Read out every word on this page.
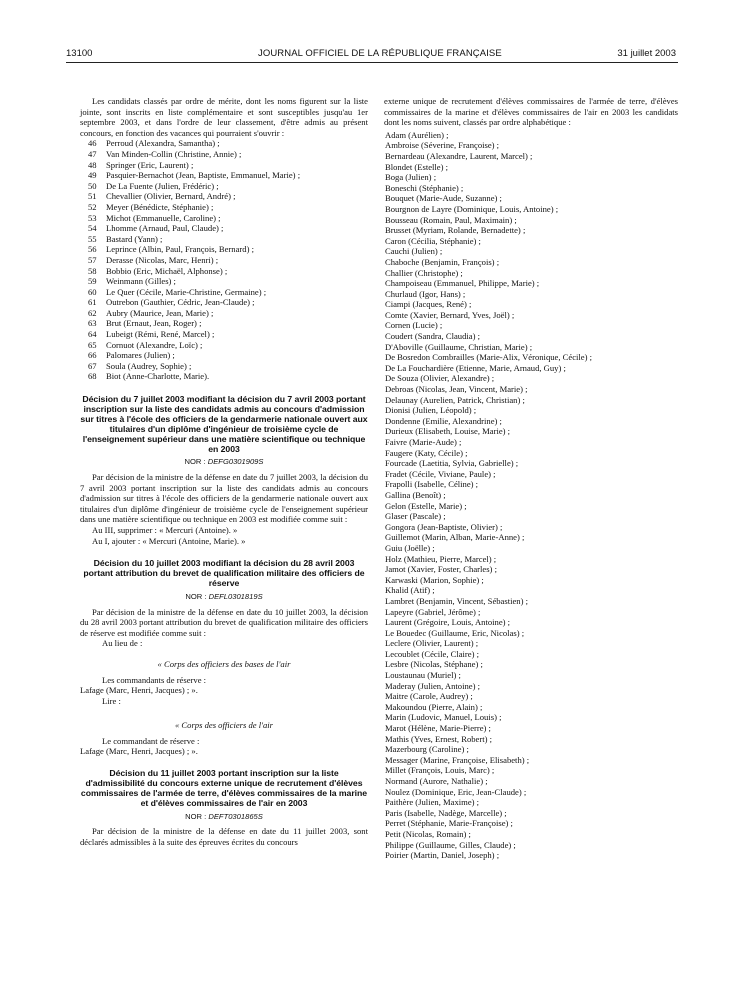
13100	JOURNAL OFFICIEL DE LA RÉPUBLIQUE FRANÇAISE	31 juillet 2003

Les candidats classés par ordre de mérite, dont les noms figurent sur la liste jointe, sont inscrits en liste complémentaire et sont susceptibles jusqu'au 1er septembre 2003, et dans l'ordre de leur classement, d'être admis au présent concours, en fonction des vacances qui pourraient s'ouvrir :

46 Perroud (Alexandra, Samantha) ;
47 Van Minden-Collin (Christine, Annie) ;
48 Springer (Eric, Laurent) ;
49 Pasquier-Bernachot (Jean, Baptiste, Emmanuel, Marie) ;
50 De La Fuente (Julien, Frédéric) ;
51 Chevallier (Olivier, Bernard, André) ;
52 Meyer (Bénédicte, Stéphanie) ;
53 Michot (Emmanuelle, Caroline) ;
54 Lhomme (Arnaud, Paul, Claude) ;
55 Bastard (Yann) ;
56 Leprince (Albin, Paul, François, Bernard) ;
57 Derasse (Nicolas, Marc, Henri) ;
58 Bobbio (Eric, Michaël, Alphonse) ;
59 Weinmann (Gilles) ;
60 Le Quer (Cécile, Marie-Christine, Germaine) ;
61 Outrebon (Gauthier, Cédric, Jean-Claude) ;
62 Aubry (Maurice, Jean, Marie) ;
63 Brut (Ernaut, Jean, Roger) ;
64 Lubeigt (Rémi, René, Marcel) ;
65 Cornuot (Alexandre, Loïc) ;
66 Palomares (Julien) ;
67 Soula (Audrey, Sophie) ;
68 Biot (Anne-Charlotte, Marie).

Décision du 7 juillet 2003 modifiant la décision du 7 avril 2003 portant inscription sur la liste des candidats admis au concours d'admission sur titres à l'école des officiers de la gendarmerie nationale ouvert aux titulaires d'un diplôme d'ingénieur de troisième cycle de l'enseignement supérieur dans une matière scientifique ou technique en 2003

NOR : DEFG0301909S

Par décision de la ministre de la défense en date du 7 juillet 2003, la décision du 7 avril 2003 portant inscription sur la liste des candidats admis au concours d'admission sur titres à l'école des officiers de la gendarmerie nationale ouvert aux titulaires d'un diplôme d'ingénieur de troisième cycle de l'enseignement supérieur dans une matière scientifique ou technique en 2003 est modifiée comme suit :

Au III, supprimer : « Mercuri (Antoine). »

Au I, ajouter : « Mercuri (Antoine, Marie). »

Décision du 10 juillet 2003 modifiant la décision du 28 avril 2003 portant attribution du brevet de qualification militaire des officiers de réserve

NOR : DEFL0301819S

Par décision de la ministre de la défense en date du 10 juillet 2003, la décision du 28 avril 2003 portant attribution du brevet de qualification militaire des officiers de réserve est modifiée comme suit :

Au lieu de :

« Corps des officiers des bases de l'air

Les commandants de réserve :

Lafage (Marc, Henri, Jacques) ; ».

Lire :

« Corps des officiers de l'air

Le commandant de réserve :

Lafage (Marc, Henri, Jacques) ; ».

Décision du 11 juillet 2003 portant inscription sur la liste d'admissibilité du concours externe unique de recrutement d'élèves commissaires de l'armée de terre, d'élèves commissaires de la marine et d'élèves commissaires de l'air en 2003

NOR : DEFT0301865S

Par décision de la ministre de la défense en date du 11 juillet 2003, sont déclarés admissibles à la suite des épreuves écrites du concours

externe unique de recrutement d'élèves commissaires de l'armée de terre, d'élèves commissaires de la marine et d'élèves commissaires de l'air en 2003 les candidats dont les noms suivent, classés par ordre alphabétique :

Adam (Aurélien) ;
Ambroise (Séverine, Françoise) ;
Bernardeau (Alexandre, Laurent, Marcel) ;
Blondet (Estelle) ;
Boga (Julien) ;
Boneschi (Stéphanie) ;
Bouquet (Marie-Aude, Suzanne) ;
Bourgnon de Layre (Dominique, Louis, Antoine) ;
Bousseau (Romain, Paul, Maximain) ;
Brusset (Myriam, Rolande, Bernadette) ;
Caron (Cécilia, Stéphanie) ;
Cauchi (Julien) ;
Chaboche (Benjamin, François) ;
Challier (Christophe) ;
Champoiseau (Emmanuel, Philippe, Marie) ;
Churlaud (Igor, Hans) ;
Ciampi (Jacques, René) ;
Comte (Xavier, Bernard, Yves, Joël) ;
Cornen (Lucie) ;
Coudert (Sandra, Claudia) ;
D'Aboville (Guillaume, Christian, Marie) ;
De Bosredon Combrailles (Marie-Alix, Véronique, Cécile) ;
De La Fouchardière (Etienne, Marie, Arnaud, Guy) ;
De Souza (Olivier, Alexandre) ;
Debroas (Nicolas, Jean, Vincent, Marie) ;
Delaunay (Aurelien, Patrick, Christian) ;
Dionisi (Julien, Léopold) ;
Dondenne (Emilie, Alexandrine) ;
Durieux (Elisabeth, Louise, Marie) ;
Faivre (Marie-Aude) ;
Faugere (Katy, Cécile) ;
Fourcade (Laetitia, Sylvia, Gabrielle) ;
Fradet (Cécile, Viviane, Paule) ;
Frapolli (Isabelle, Céline) ;
Gallina (Benoît) ;
Gelon (Estelle, Marie) ;
Glaser (Pascale) ;
Gongora (Jean-Baptiste, Olivier) ;
Guillemot (Marin, Alban, Marie-Anne) ;
Guiu (Joëlle) ;
Holz (Mathieu, Pierre, Marcel) ;
Jamot (Xavier, Foster, Charles) ;
Karwaski (Marion, Sophie) ;
Khalid (Atif) ;
Lambret (Benjamin, Vincent, Sébastien) ;
Lapeyre (Gabriel, Jérôme) ;
Laurent (Grégoire, Louis, Antoine) ;
Le Bouedec (Guillaume, Eric, Nicolas) ;
Leclere (Olivier, Laurent) ;
Lecoublet (Cécile, Claire) ;
Lesbre (Nicolas, Stéphane) ;
Loustaunau (Muriel) ;
Maderay (Julien, Antoine) ;
Maitre (Carole, Audrey) ;
Makoundou (Pierre, Alain) ;
Marin (Ludovic, Manuel, Louis) ;
Marot (Hélène, Marie-Pierre) ;
Mathis (Yves, Ernest, Robert) ;
Mazerbourg (Caroline) ;
Messager (Marine, Françoise, Elisabeth) ;
Millet (François, Louis, Marc) ;
Normand (Aurore, Nathalie) ;
Noulez (Dominique, Eric, Jean-Claude) ;
Paithère (Julien, Maxime) ;
Paris (Isabelle, Nadège, Marcelle) ;
Perret (Stéphanie, Marie-Françoise) ;
Petit (Nicolas, Romain) ;
Philippe (Guillaume, Gilles, Claude) ;
Poirier (Martin, Daniel, Joseph) ;
